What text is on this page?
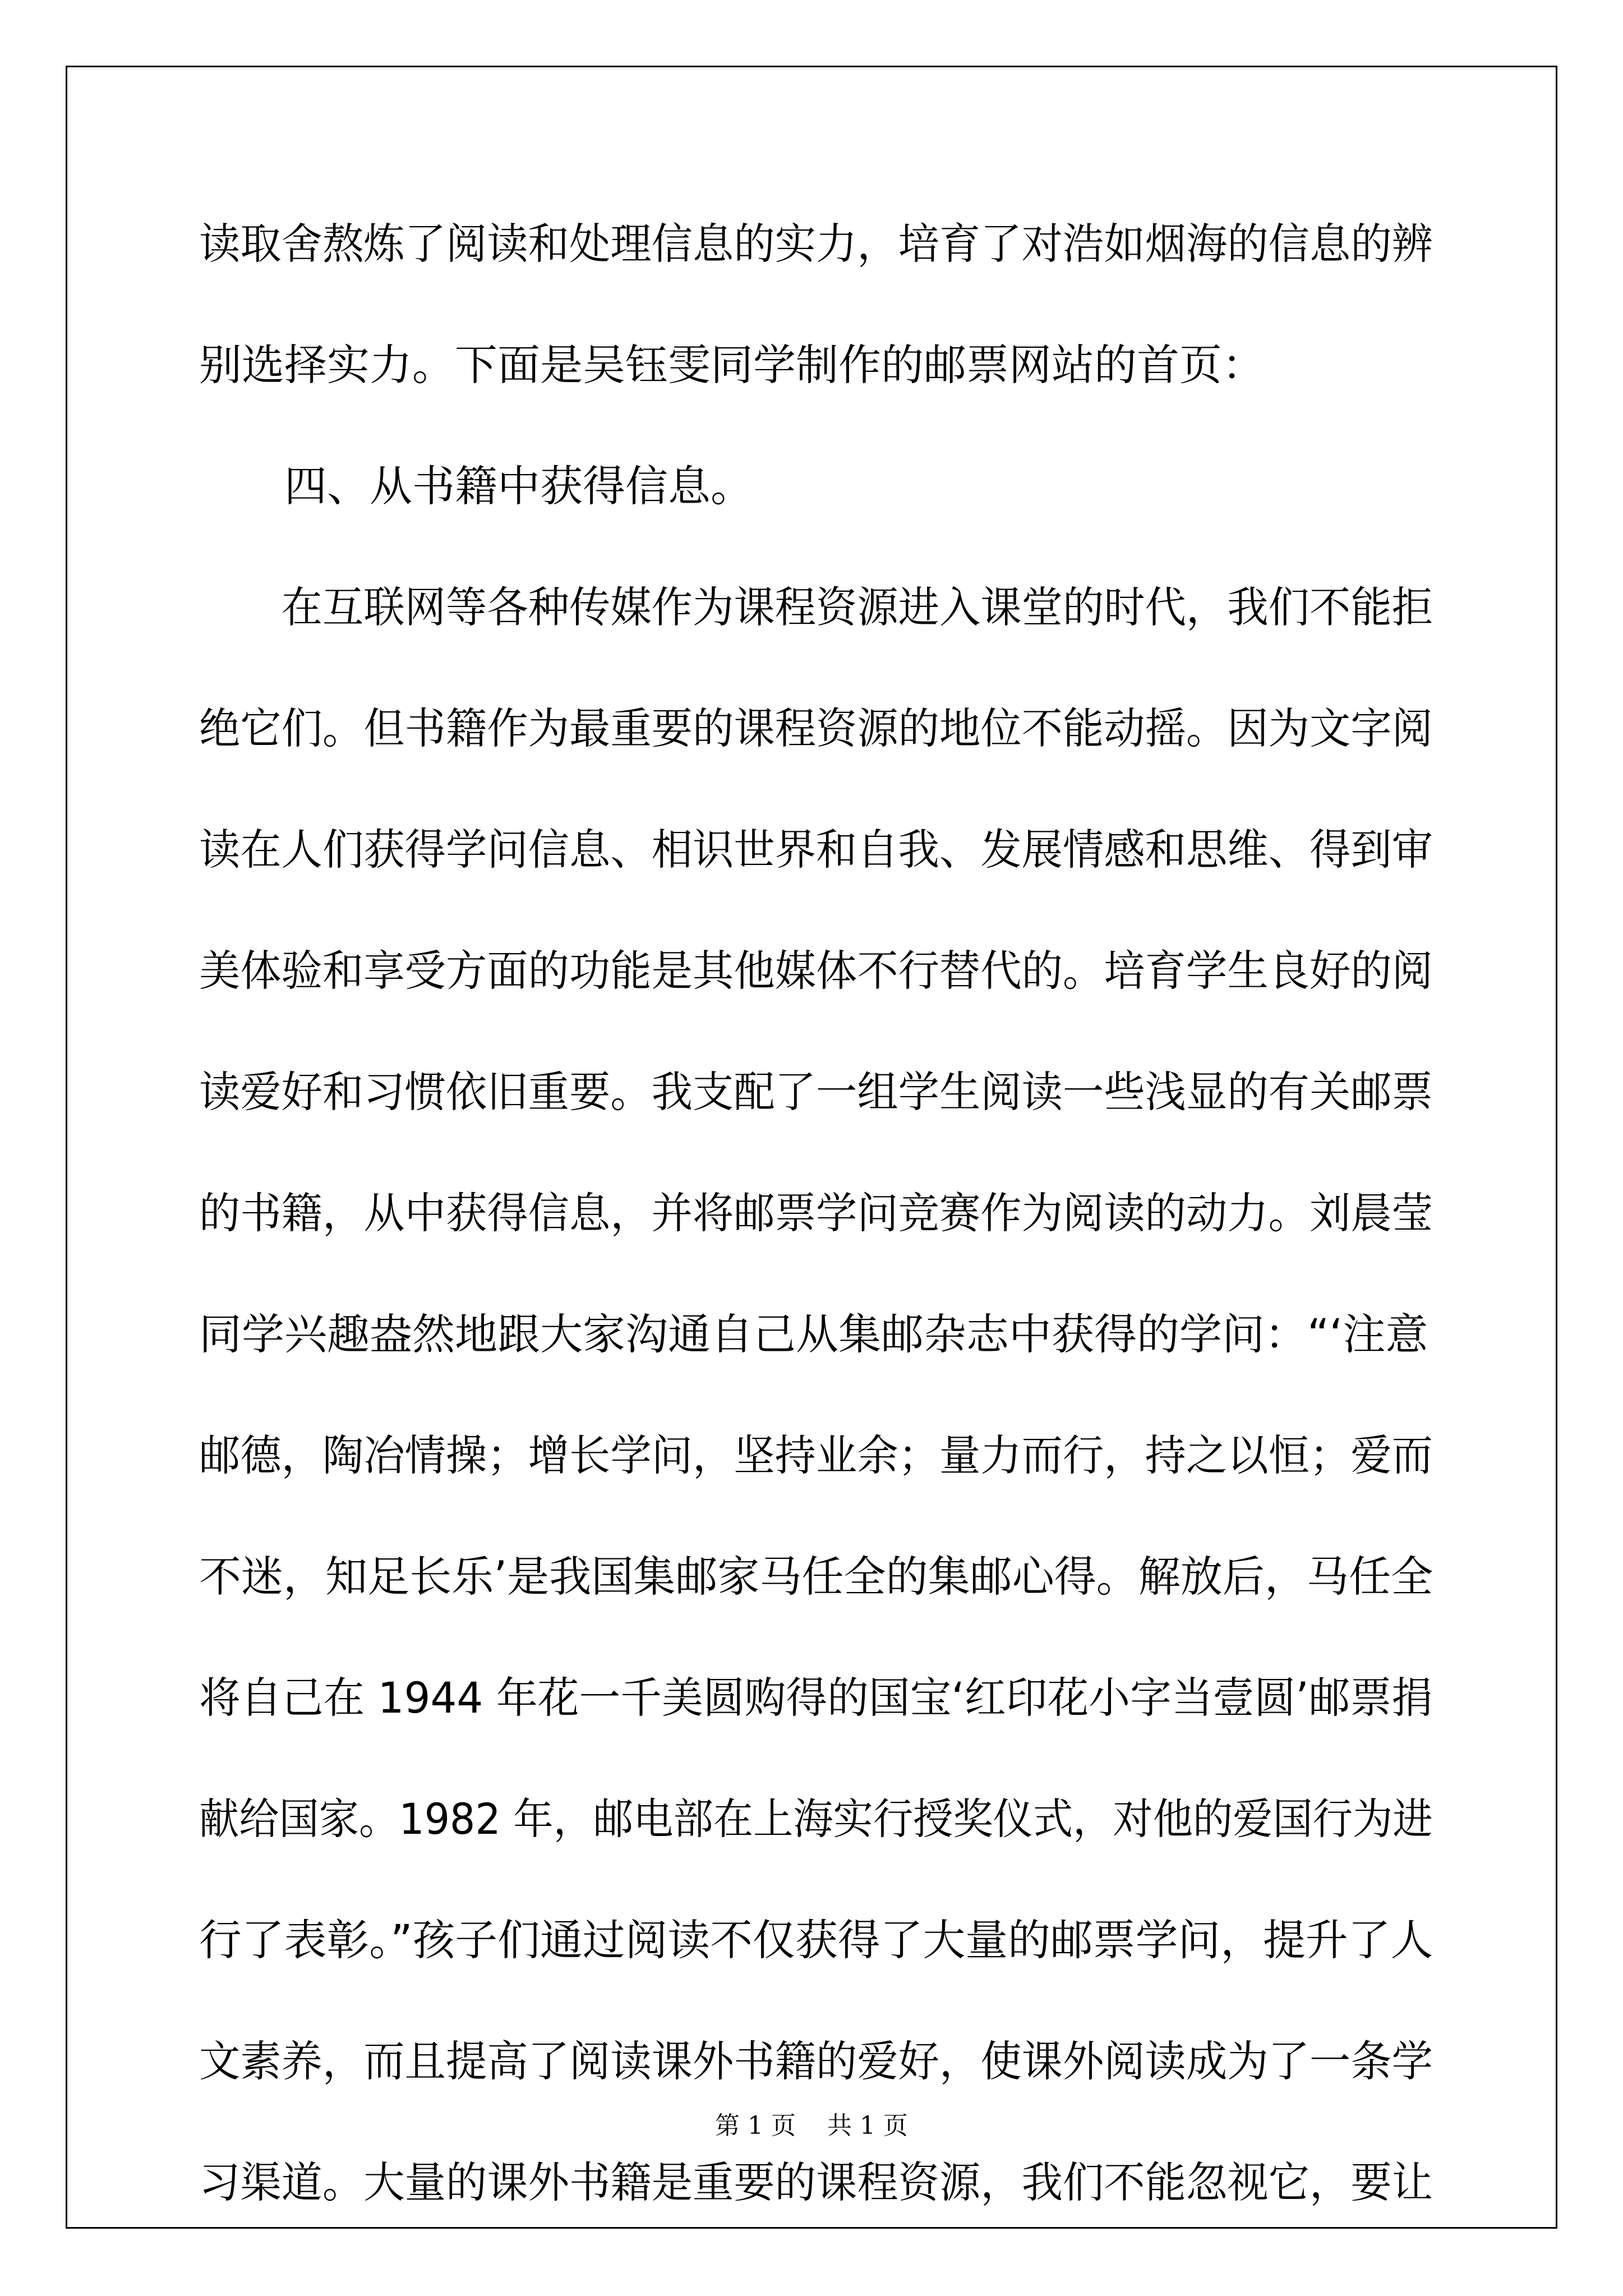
读取舍熬炼了阅读和处理信息的实力，培育了对浩如烟海的信息的辨
别选择实力。下面是吴钰雯同学制作的邮票网站的首页：
四、从书籍中获得信息。
在互联网等各种传媒作为课程资源进入课堂的时代，我们不能拒
绝它们。但书籍作为最重要的课程资源的地位不能动摇。因为文字阅
读在人们获得学问信息、相识世界和自我、发展情感和思维、得到审
美体验和享受方面的功能是其他媒体不行替代的。培育学生良好的阅
读爱好和习惯依旧重要。我支配了一组学生阅读一些浅显的有关邮票
的书籍，从中获得信息，并将邮票学问竞赛作为阅读的动力。刘晨莹
同学兴趣盎然地跟大家沟通自己从集邮杂志中获得的学问：“‘注意
邮德，陶冶情操；增长学问，坚持业余；量力而行，持之以恒；爱而
不迷，知足长乐’是我国集邮家马任全的集邮心得。解放后，马任全
将自己在 1944 年花一千美圆购得的国宝‘红印花小字当壹圆’邮票捐
献给国家。1982 年，邮电部在上海实行授奖仪式，对他的爱国行为进
行了表彰。”孩子们通过阅读不仅获得了大量的邮票学问，提升了人
文素养，而且提高了阅读课外书籍的爱好，使课外阅读成为了一条学
习渠道。大量的课外书籍是重要的课程资源，我们不能忽视它，要让
第 1 页    共 1 页
